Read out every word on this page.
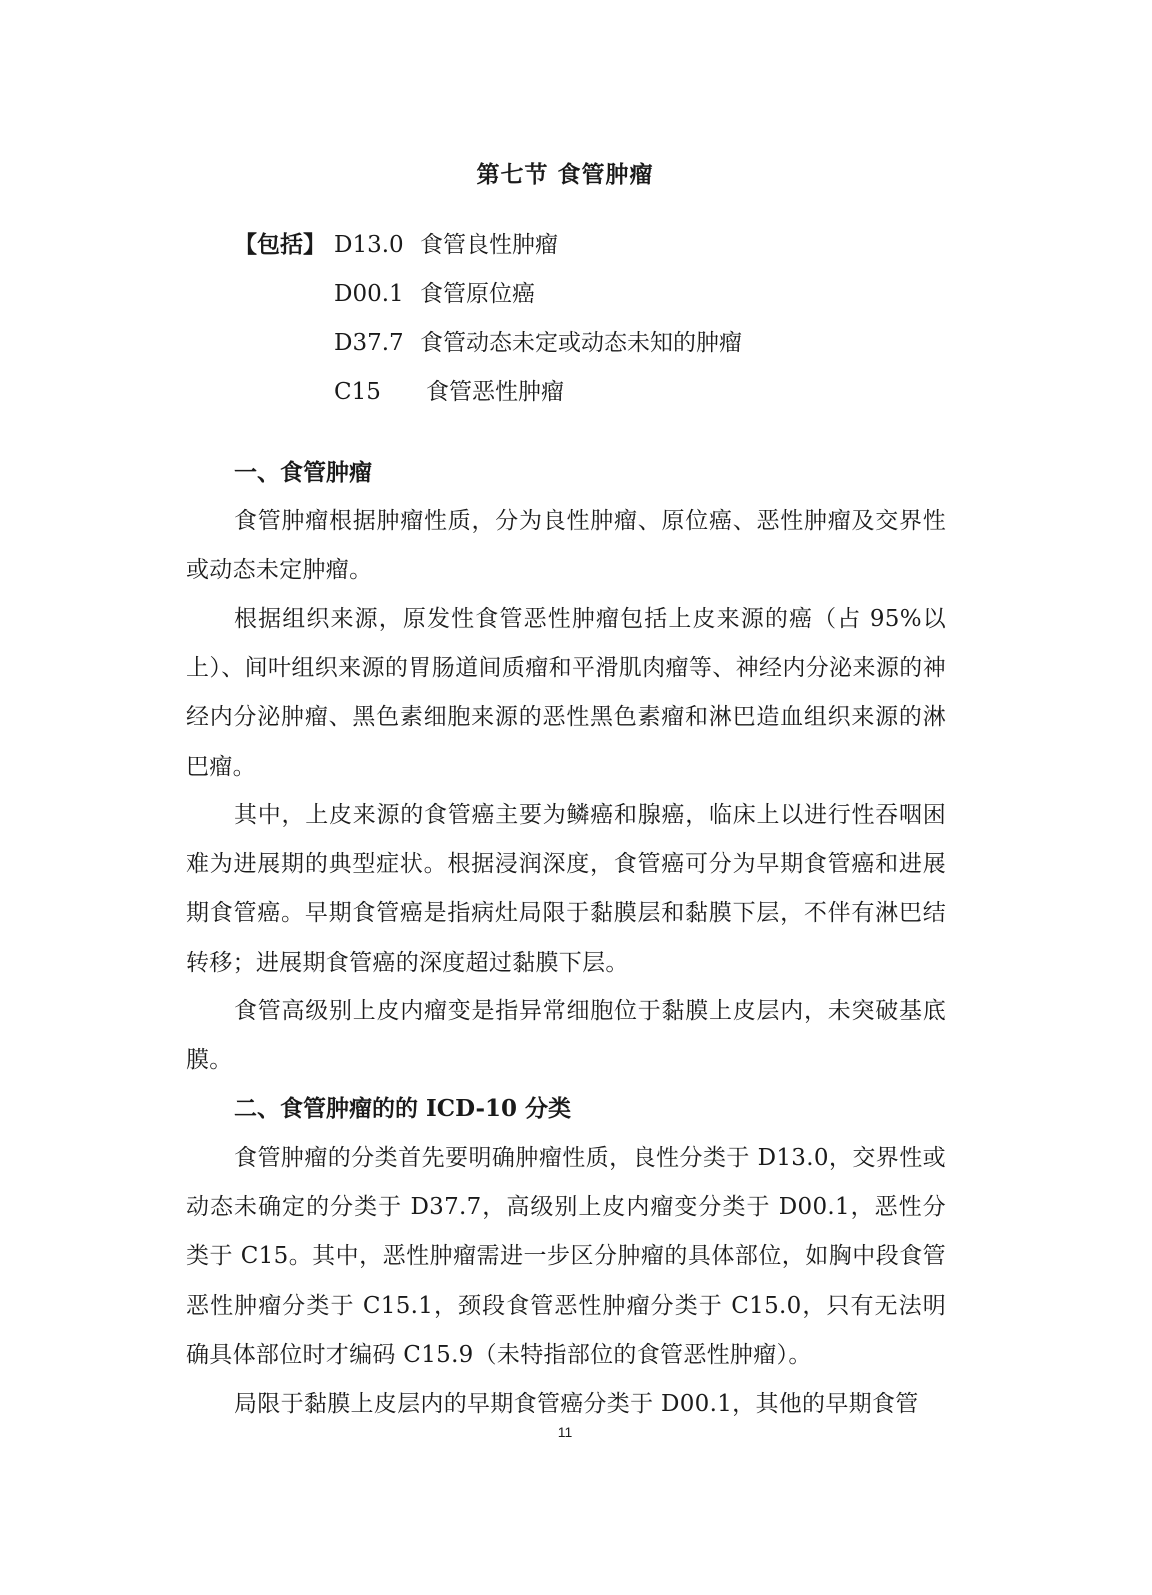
第七节 食管肿瘤
【包括】 D13.0 食管良性肿瘤
D00.1 食管原位癌
D37.7 食管动态未定或动态未知的肿瘤
C15 食管恶性肿瘤
一、食管肿瘤

食管肿瘤根据肿瘤性质，分为良性肿瘤、原位癌、恶性肿瘤及交界性或动态未定肿瘤。

根据组织来源，原发性食管恶性肿瘤包括上皮来源的癌（占 95%以上）、间叶组织来源的胃肠道间质瘤和平滑肌肉瘤等、神经内分泌来源的神经内分泌肿瘤、黑色素细胞来源的恶性黑色素瘤和淋巴造血组织来源的淋巴瘤。

其中，上皮来源的食管癌主要为鳞癌和腺癌，临床上以进行性吞咽困难为进展期的典型症状。根据浸润深度，食管癌可分为早期食管癌和进展期食管癌。早期食管癌是指病灶局限于黏膜层和黏膜下层，不伴有淋巴结转移；进展期食管癌的深度超过黏膜下层。

食管高级别上皮内瘤变是指异常细胞位于黏膜上皮层内，未突破基底膜。

二、食管肿瘤的的 ICD-10 分类

食管肿瘤的分类首先要明确肿瘤性质，良性分类于 D13.0，交界性或动态未确定的分类于 D37.7，高级别上皮内瘤变分类于 D00.1，恶性分类于 C15。其中，恶性肿瘤需进一步区分肿瘤的具体部位，如胸中段食管恶性肿瘤分类于 C15.1，颈段食管恶性肿瘤分类于 C15.0，只有无法明确具体部位时才编码 C15.9（未特指部位的食管恶性肿瘤）。

局限于黏膜上皮层内的早期食管癌分类于 D00.1，其他的早期食管

11
